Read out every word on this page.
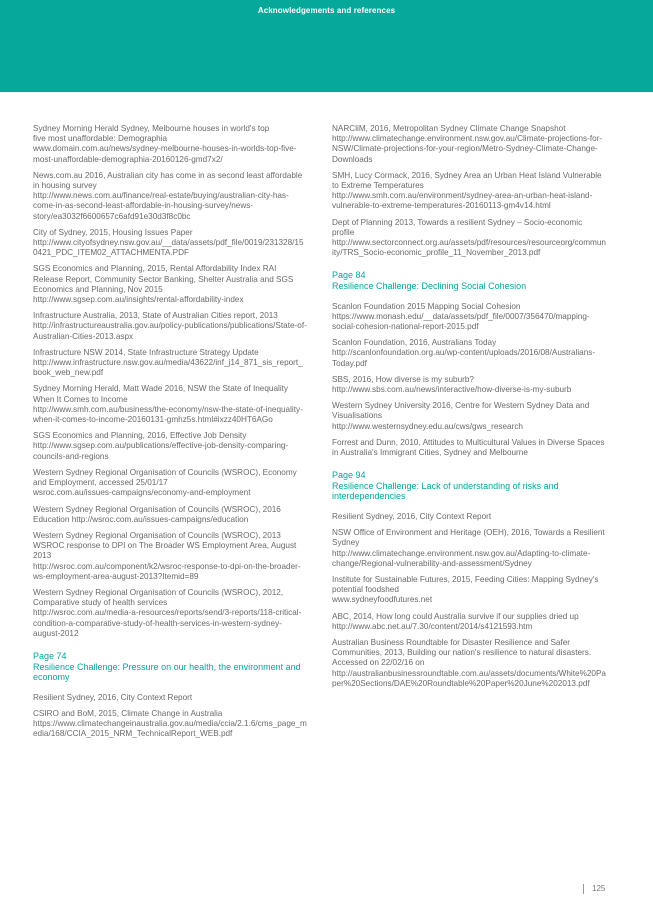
Acknowledgements and references
Sydney Morning Herald Sydney, Melbourne houses in world's top
five most unaffordable: Demographia
www.domain.com.au/news/sydney-melbourne-houses-in-worlds-top-five-most-unaffordable-demographia-20160126-gmd7x2/
News.com.au 2016, Australian city has come in as second least affordable in housing survey
http://www.news.com.au/finance/real-estate/buying/australian-city-has-come-in-as-second-least-affordable-in-housing-survey/news-story/ea3032f6600657c6afd91e30d3f8c0bc
City of Sydney, 2015, Housing Issues Paper
http://www.cityofsydney.nsw.gov.au/__data/assets/pdf_file/0019/231328/150421_PDC_ITEM02_ATTACHMENTA.PDF
SGS Economics and Planning, 2015, Rental Affordability Index RAI Release Report, Community Sector Banking, Shelter Australia and SGS Economics and Planning, Nov 2015
http://www.sgsep.com.au/insights/rental-affordability-index
Infrastructure Australia, 2013, State of Australian Cities report, 2013
http://infrastructureaustralia.gov.au/policy-publications/publications/State-of-Australian-Cities-2013.aspx
Infrastructure NSW 2014, State Infrastructure Strategy Update
http://www.infrastructure.nsw.gov.au/media/43622/inf_j14_871_sis_report_book_web_new.pdf
Sydney Morning Herald, Matt Wade 2016, NSW the State of Inequality When It Comes to Income
http://www.smh.com.au/business/the-economy/nsw-the-state-of-inequality-when-it-comes-to-income-20160131-gmhz5s.html#ixzz40HT6AGo
SGS Economics and Planning, 2016, Effective Job Density
http://www.sgsep.com.au/publications/effective-job-density-comparing-councils-and-regions
Western Sydney Regional Organisation of Councils (WSROC), Economy and Employment, accessed 25/01/17
wsroc.com.au/issues-campaigns/economy-and-employment
Western Sydney Regional Organisation of Councils (WSROC), 2016 Education http://wsroc.com.au/issues-campaigns/education
Western Sydney Regional Organisation of Councils (WSROC), 2013 WSROC response to DPI on The Broader WS Employment Area, August 2013
http://wsroc.com.au/component/k2/wsroc-response-to-dpi-on-the-broader-ws-employment-area-august-2013?Itemid=89
Western Sydney Regional Organisation of Councils (WSROC), 2012, Comparative study of health services
http://wsroc.com.au/media-a-resources/reports/send/3-reports/118-critical-condition-a-comparative-study-of-health-services-in-western-sydney-august-2012
Page 74
Resilience Challenge: Pressure on our health, the environment and economy
Resilient Sydney, 2016, City Context Report
CSIRO and BoM, 2015, Climate Change in Australia
https://www.climatechangeinaustralia.gov.au/media/ccia/2.1.6/cms_page_media/168/CCIA_2015_NRM_TechnicalReport_WEB.pdf
NARCliM, 2016, Metropolitan Sydney Climate Change Snapshot
http://www.climatechange.environment.nsw.gov.au/Climate-projections-for-NSW/Climate-projections-for-your-region/Metro-Sydney-Climate-Change-Downloads
SMH, Lucy Cormack, 2016, Sydney Area an Urban Heat Island Vulnerable to Extreme Temperatures
http://www.smh.com.au/environment/sydney-area-an-urban-heat-island-vulnerable-to-extreme-temperatures-20160113-gm4v14.html
Dept of Planning 2013, Towards a resilient Sydney – Socio-economic profile
http://www.sectorconnect.org.au/assets/pdf/resources/resourceorg/community/TRS_Socio-economic_profile_11_November_2013.pdf
Page 84
Resilience Challenge: Declining Social Cohesion
Scanlon Foundation 2015 Mapping Social Cohesion
https://www.monash.edu/__data/assets/pdf_file/0007/356470/mapping-social-cohesion-national-report-2015.pdf
Scanlon Foundation, 2016, Australians Today
http://scanlonfoundation.org.au/wp-content/uploads/2016/08/Australians-Today.pdf
SBS, 2016, How diverse is my suburb?
http://www.sbs.com.au/news/interactive/how-diverse-is-my-suburb
Western Sydney University 2016, Centre for Western Sydney Data and Visualisations
http://www.westernsydney.edu.au/cws/gws_research
Forrest and Dunn, 2010, Attitudes to Multicultural Values in Diverse Spaces in Australia's Immigrant Cities, Sydney and Melbourne
Page 94
Resilience Challenge: Lack of understanding of risks and interdependencies
Resilient Sydney, 2016, City Context Report
NSW Office of Environment and Heritage (OEH), 2016, Towards a Resilient Sydney
http://www.climatechange.environment.nsw.gov.au/Adapting-to-climate-change/Regional-vulnerability-and-assessment/Sydney
Institute for Sustainable Futures, 2015, Feeding Cities: Mapping Sydney's potential foodshed
www.sydneyfoodfutures.net
ABC, 2014, How long could Australia survive if our supplies dried up
http://www.abc.net.au/7.30/content/2014/s4121593.htm
Australian Business Roundtable for Disaster Resilience and Safer Communities, 2013, Building our nation's resilience to natural disasters. Accessed on 22/02/16 on
http://australianbusinessroundtable.com.au/assets/documents/White%20Paper%20Sections/DAE%20Roundtable%20Paper%20June%202013.pdf
125
